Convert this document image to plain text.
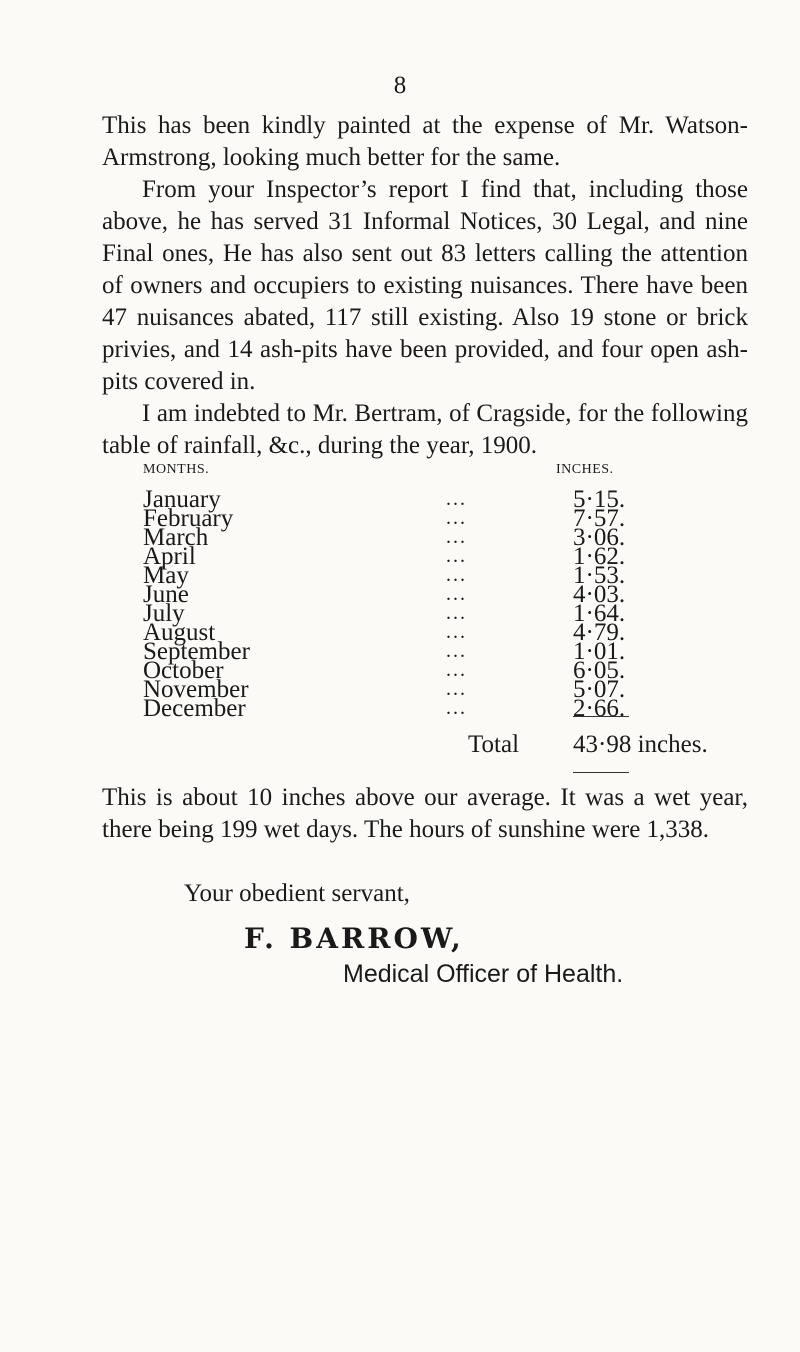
8

This has been kindly painted at the expense of Mr. Watson-Armstrong, looking much better for the same.

From your Inspector’s report I find that, including those above, he has served 31 Informal Notices, 30 Legal, and nine Final ones, He has also sent out 83 letters calling the attention of owners and occupiers to existing nuisances. There have been 47 nuisances abated, 117 still existing. Also 19 stone or brick privies, and 14 ash-pits have been provided, and four open ash-pits covered in.

I am indebted to Mr. Bertram, of Cragside, for the following table of rainfall, &c., during the year, 1900.

MONTHS.	INCHES.
January	...	5·15.
February	...	7·57.
March	...	3·06.
April	...	1·62.
May	...	1·53.
June	...	4·03.
July	...	1·64.
August	...	4·79.
September	...	1·01.
October	...	6·05.
November	...	5·07.
December	...	2·66.
Total 43·98 inches.

This is about 10 inches above our average. It was a wet year, there being 199 wet days. The hours of sunshine were 1,338.

Your obedient servant,
F. BARROW,
Medical Officer of Health.
